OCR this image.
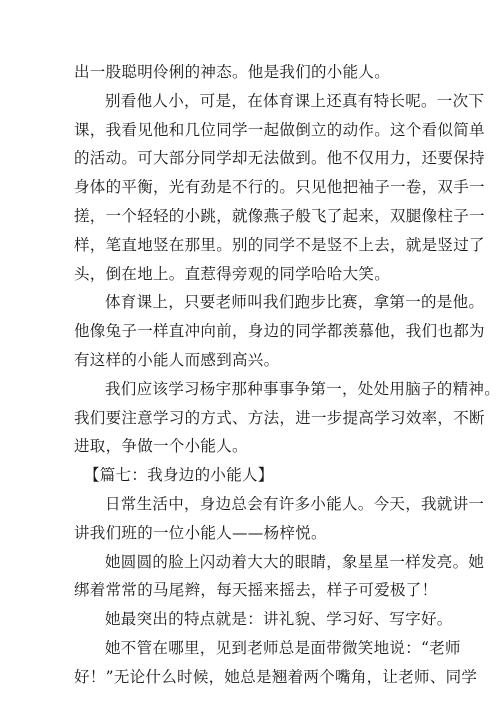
出一股聪明伶俐的神态。他是我们的小能人。
别看他人小，可是，在体育课上还真有特长呢。一次下
课，我看见他和几位同学一起做倒立的动作。这个看似简单
的活动。可大部分同学却无法做到。他不仅用力，还要保持
身体的平衡，光有劲是不行的。只见他把袖子一卷，双手一
搓，一个轻轻的小跳，就像燕子般飞了起来，双腿像柱子一
样，笔直地竖在那里。别的同学不是竖不上去，就是竖过了
头，倒在地上。直惹得旁观的同学哈哈大笑。
体育课上，只要老师叫我们跑步比赛，拿第一的是他。
他像兔子一样直冲向前，身边的同学都羡慕他，我们也都为
有这样的小能人而感到高兴。
我们应该学习杨宇那种事事争第一，处处用脑子的精神。
我们要注意学习的方式、方法，进一步提高学习效率，不断
进取，争做一个小能人。
【篇七：我身边的小能人】
日常生活中，身边总会有许多小能人。今天，我就讲一
讲我们班的一位小能人——杨梓悦。
她圆圆的脸上闪动着大大的眼睛，象星星一样发亮。她
绑着常常的马尾辫，每天摇来摇去，样子可爱极了！
她最突出的特点就是：讲礼貌、学习好、写字好。
她不管在哪里，见到老师总是面带微笑地说：“老师
好！”无论什么时候，她总是翘着两个嘴角，让老师、同学
